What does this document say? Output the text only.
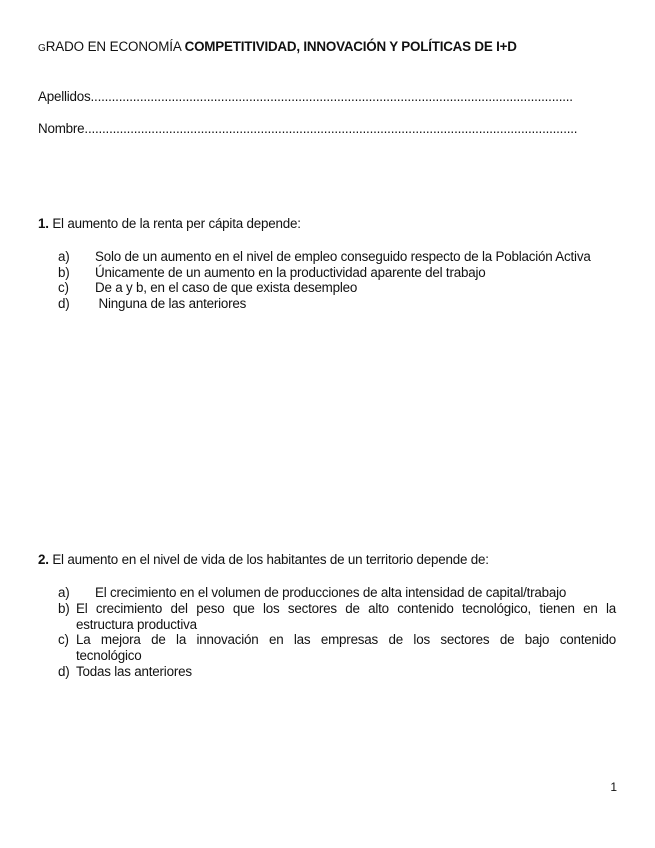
GRADO EN ECONOMÍA COMPETITIVIDAD, INNOVACIÓN Y POLÍTICAS DE I+D
Apellidos.........................................................................................................................................
Nombre............................................................................................................................................
1. El aumento de la renta per cápita depende:
a) Solo de un aumento en el nivel de empleo conseguido respecto de la Población Activa
b) Únicamente de un aumento en la productividad aparente del trabajo
c) De a y b, en el caso de que exista desempleo
d) Ninguna de las anteriores
2. El aumento en el nivel de vida de los habitantes de un territorio depende de:
a) El crecimiento en el volumen de producciones de alta intensidad de capital/trabajo
b) El crecimiento del peso que los sectores de alto contenido tecnológico, tienen en la
estructura productiva
c) La mejora de la innovación en las empresas de los sectores de bajo contenido
tecnológico
d) Todas las anteriores
1
